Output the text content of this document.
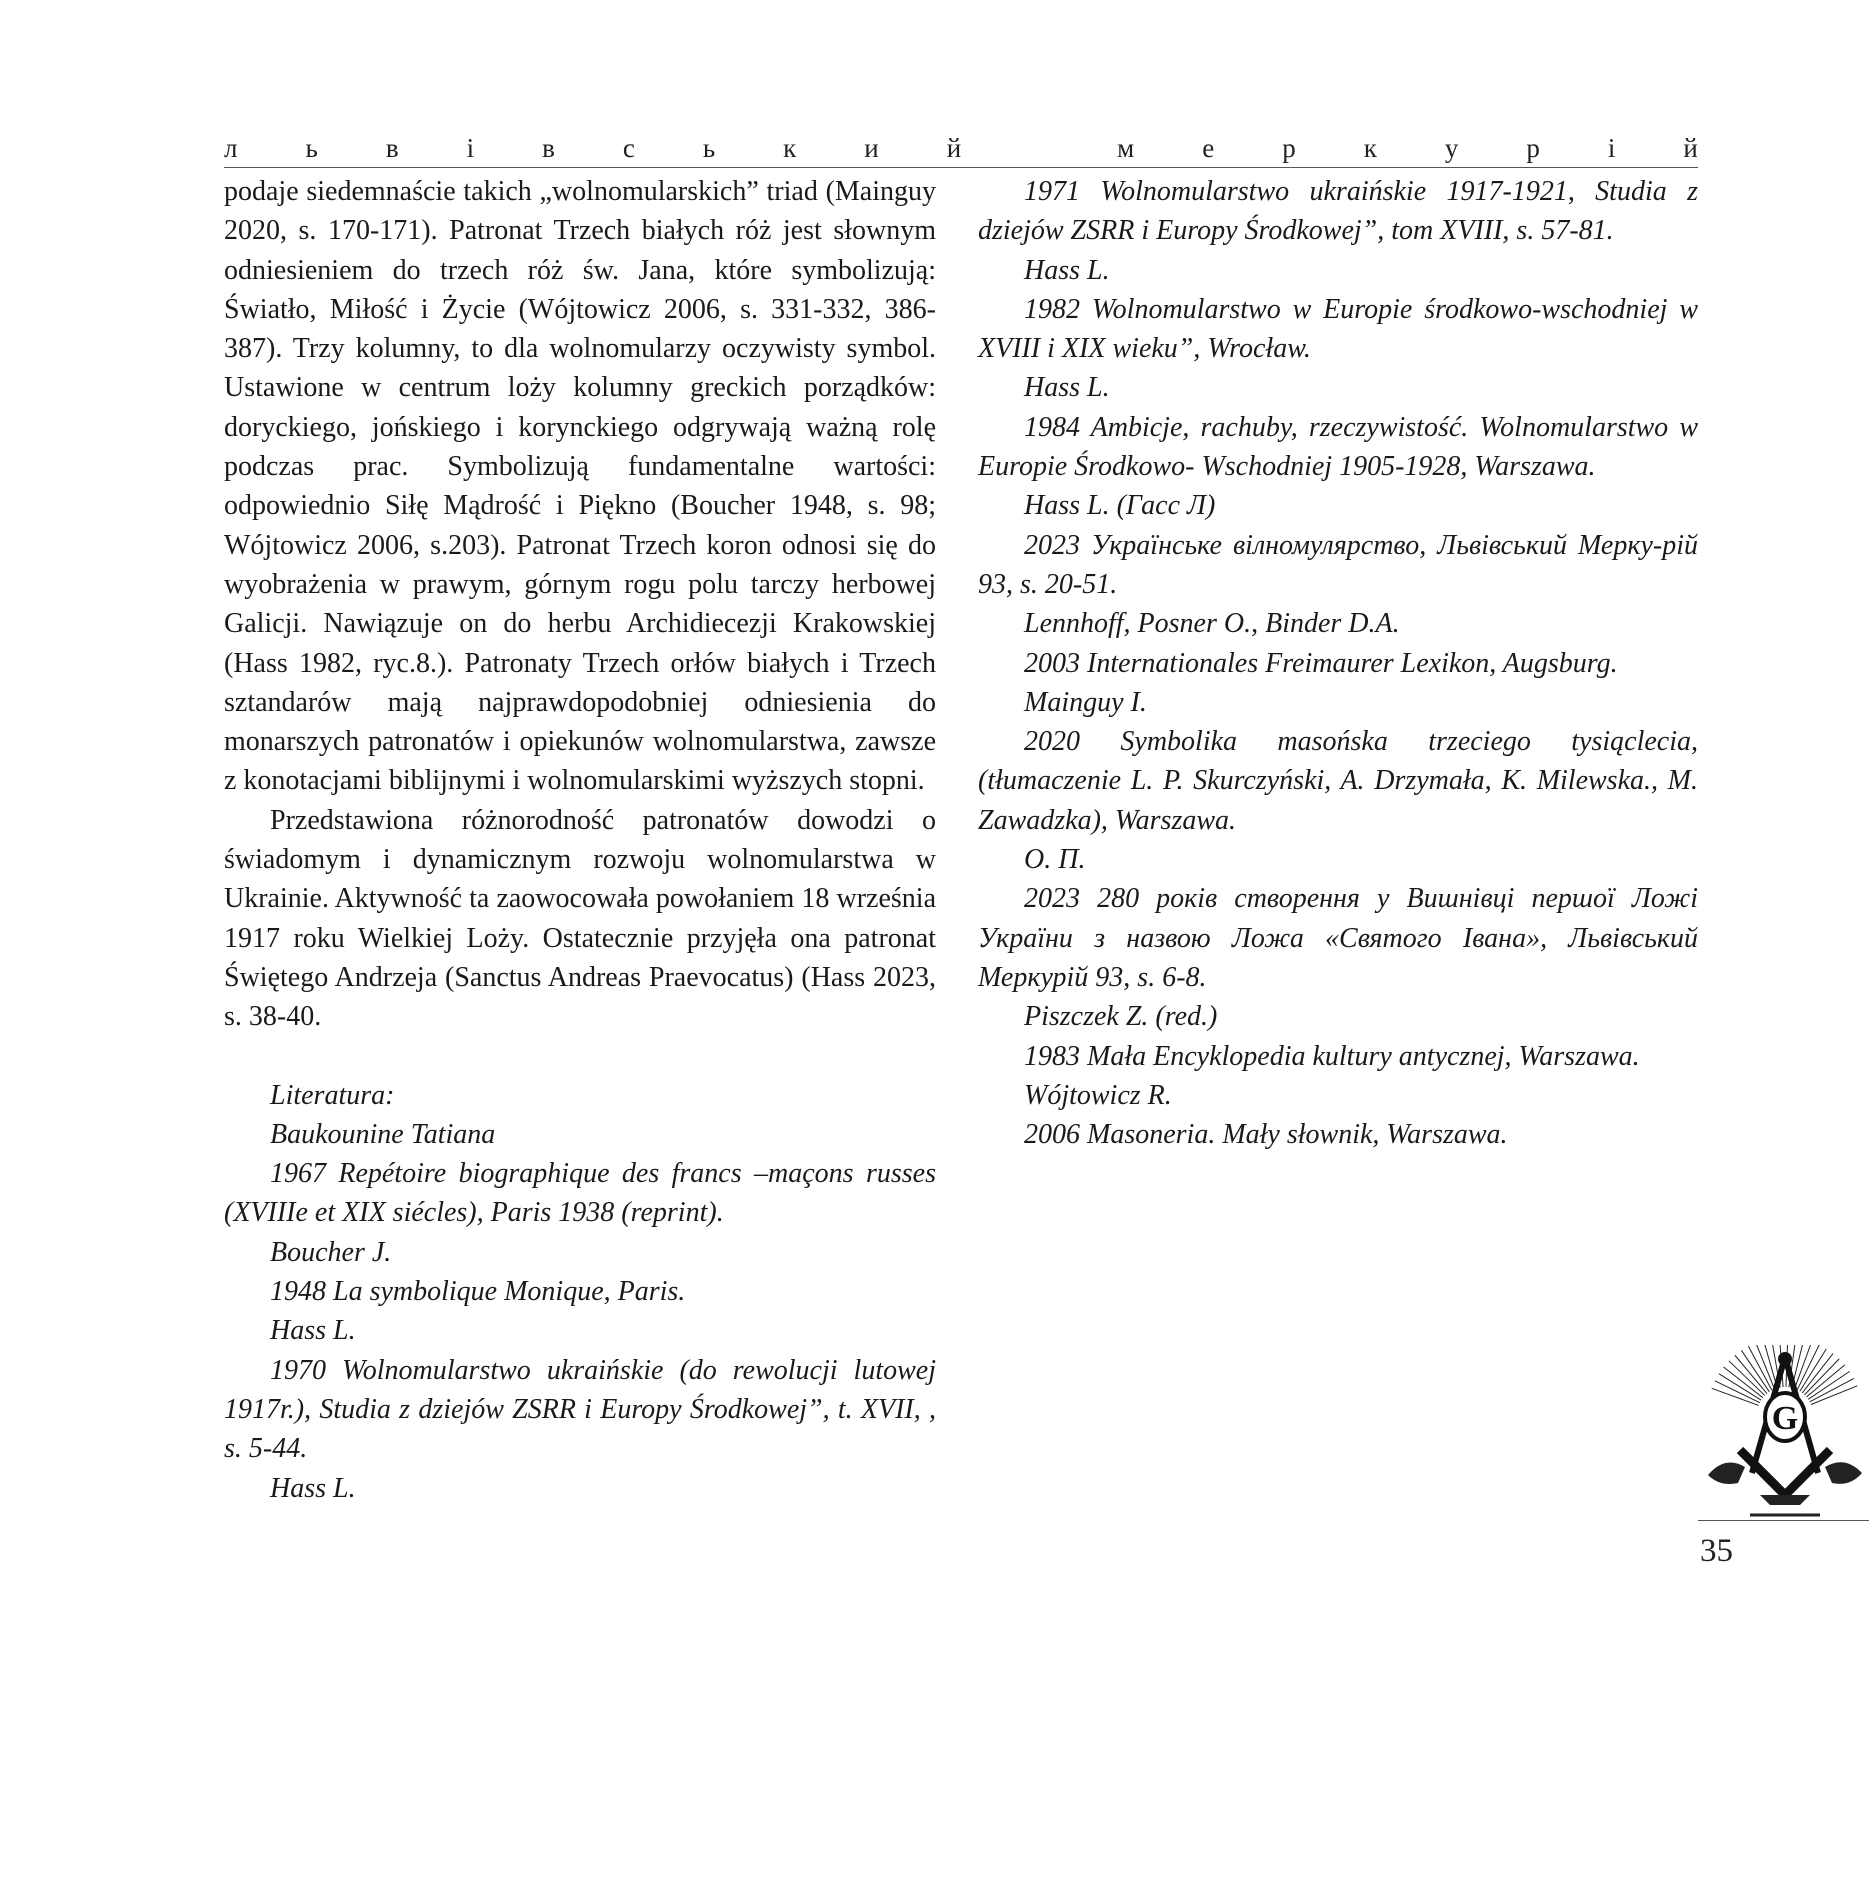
л	ь	в	і	в	с	ь	к	и	й	м	е	р	к	у	р	і	й

podaje siedemnaście takich „wolnomularskich” triad (Mainguy 2020, s. 170-171). Patronat Trzech białych róż jest słownym odniesieniem do trzech róż św. Jana, które symbolizują: Światło, Miłość i Życie (Wójtowicz 2006, s. 331-332, 386-387). Trzy kolumny, to dla wolnomularzy oczywisty symbol. Ustawione w centrum loży kolumny greckich porządków: doryckiego, jońskiego i korynckiego odgrywają ważną rolę podczas prac. Symbolizują fundamentalne wartości: odpowiednio Siłę Mądrość i Piękno (Boucher 1948, s. 98; Wójtowicz 2006, s.203). Patronat Trzech koron odnosi się do wyobrażenia w prawym, górnym rogu polu tarczy herbowej Galicji. Nawiązuje on do herbu Archidiecezji Krakowskiej (Hass 1982, ryc.8.). Patronaty Trzech orłów białych i Trzech sztandarów mają najprawdopodobniej odniesienia do monarszych patronatów i opiekunów wolnomularstwa, zawsze z konotacjami biblijnymi i wolnomularskimi wyższych stopni.

Przedstawiona różnorodność patronatów dowodzi o świadomym i dynamicznym rozwoju wolnomularstwa w Ukrainie. Aktywność ta zaowocowała powołaniem 18 września 1917 roku Wielkiej Loży. Ostatecznie przyjęła ona patronat Świętego Andrzeja (Sanctus Andreas Praevocatus) (Hass 2023, s. 38-40.

Literatura:

Baukounine Tatiana

1967 Repétoire biographique des francs –maçons russes (XVIIIe et XIX siécles), Paris 1938 (reprint).

Boucher J.

1948 La symbolique Monique, Paris.

Hass L.

1970 Wolnomularstwo ukraińskie (do rewolucji lutowej 1917r.), Studia z dziejów ZSRR i Europy Środkowej”, t. XVII, , s. 5-44.

Hass L.

1971 Wolnomularstwo ukraińskie 1917-1921, Studia z dziejów ZSRR i Europy Środkowej”, tom XVIII, s. 57-81.

Hass L.

1982 Wolnomularstwo w Europie środkowo-wschodniej w XVIII i XIX wieku”, Wrocław.

Hass L.

1984 Ambicje, rachuby, rzeczywistość. Wolnomularstwo w Europie Środkowo- Wschodniej 1905-1928, Warszawa.

Hass L. (Гасс Л)

2023 Українське вілномулярство, Львівський Мерку-рій 93, s. 20-51.

Lennhoff, Posner O., Binder D.A.

2003 Internationales Freimaurer Lexikon, Augsburg.

Mainguy I.

2020 Symbolika masońska trzeciego tysiąclecia,(tłumaczenie L. P. Skurczyński, A. Drzymała, K. Milewska., M. Zawadzka), Warszawa.

О. П.

2023 280 років створення у Вишнівці першої Ложі України з назвою Ложа «Святого Івана», Львівський Меркурій 93, s. 6-8.

Piszczek Z. (red.)

1983 Mała Encyklopedia kultury antycznej, Warszawa.

Wójtowicz R.

2006 Masoneria. Mały słownik, Warszawa.

G
35
